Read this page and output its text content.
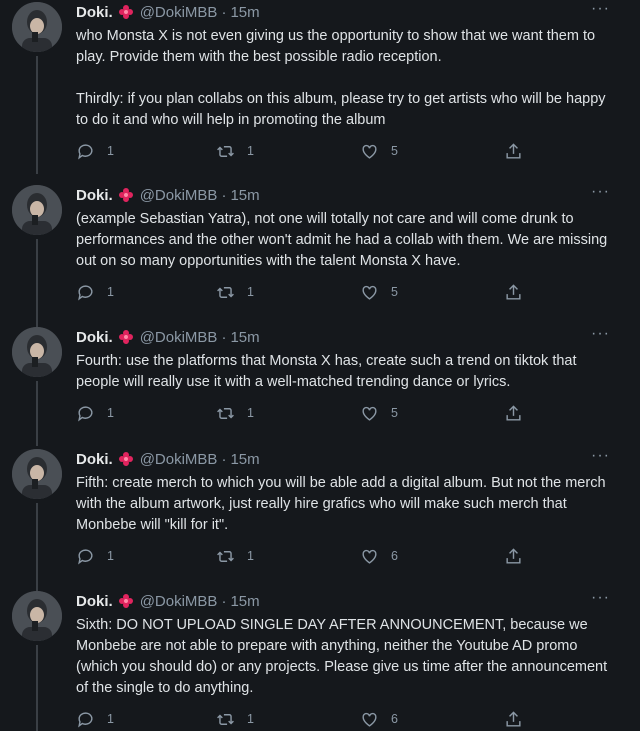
Doki. @DokiMBB · 15m	···

who Monsta X is not even giving us the opportunity to show that we want them to play. Provide them with the best possible radio reception.

Thirdly: if you plan collabs on this album, please try to get artists who will be happy to do it and who will help in promoting the album

1	1	5
Doki. @DokiMBB · 15m	···

(example Sebastian Yatra), not one will totally not care and will come drunk to performances and the other won't admit he had a collab with them. We are missing out on so many opportunities with the talent Monsta X have.

1	1	5
Doki. @DokiMBB · 15m	···

Fourth: use the platforms that Monsta X has, create such a trend on tiktok that people will really use it with a well-matched trending dance or lyrics.

1	1	5
Doki. @DokiMBB · 15m	···

Fifth: create merch to which you will be able add a digital album. But not the merch with the album artwork, just really hire grafics who will make such merch that Monbebe will "kill for it".

1	1	6
Doki. @DokiMBB · 15m	···

Sixth: DO NOT UPLOAD SINGLE DAY AFTER ANNOUNCEMENT, because we Monbebe are not able to prepare with anything, neither the Youtube AD promo (which you should do) or any projects. Please give us time after the announcement of the single to do anything.

1	1	6
